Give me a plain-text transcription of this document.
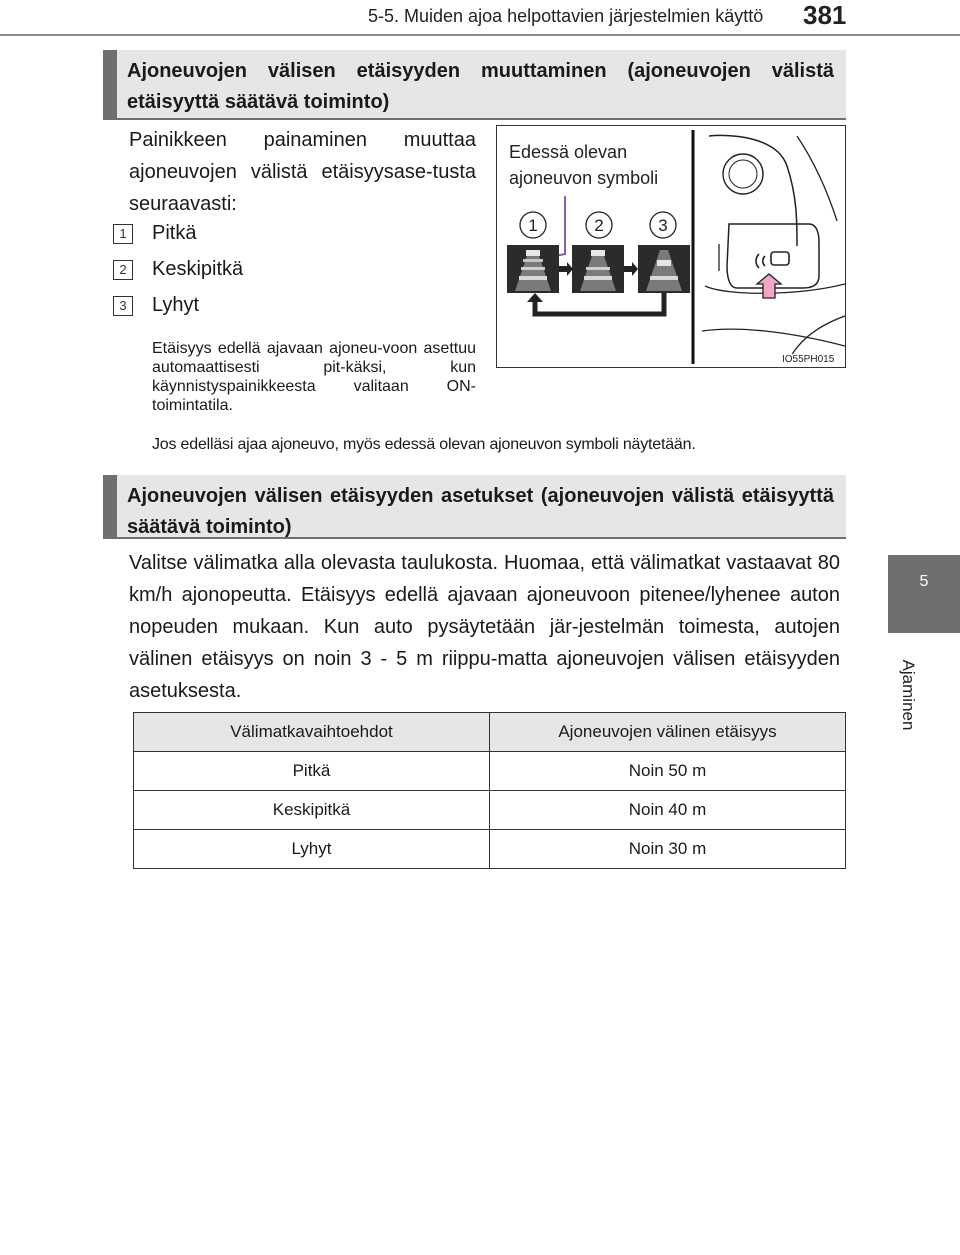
5-5. Muiden ajoa helpottavien järjestelmien käyttö 381
5
Ajaminen
Ajoneuvojen välisen etäisyyden muuttaminen (ajoneuvojen välistä etäisyyttä säätävä toiminto)
Painikkeen painaminen muuttaa ajoneuvojen välistä etäisyysase-tusta seuraavasti:
1	Pitkä
2	Keskipitkä
3	Lyhyt
Etäisyys edellä ajavaan ajoneu-voon asettuu automaattisesti pit-käksi, kun käynnistyspainikkeesta valitaan ON-toimintatila.
Jos edelläsi ajaa ajoneuvo, myös edessä olevan ajoneuvon symboli näytetään.
1	2	3
Edessä olevan
ajoneuvon symboli
IO55PH015
Ajoneuvojen välisen etäisyyden asetukset (ajoneuvojen välistä etäisyyttä säätävä toiminto)
Valitse välimatka alla olevasta taulukosta. Huomaa, että välimatkat vastaavat 80 km/h ajonopeutta. Etäisyys edellä ajavaan ajoneuvoon pitenee/lyhenee auton nopeuden mukaan. Kun auto pysäytetään jär-jestelmän toimesta, autojen välinen etäisyys on noin 3 - 5 m riippu-matta ajoneuvojen välisen etäisyyden asetuksesta.
Välimatkavaihtoehdot	Ajoneuvojen välinen etäisyys
Pitkä	Noin 50 m
Keskipitkä	Noin 40 m
Lyhyt	Noin 30 m
